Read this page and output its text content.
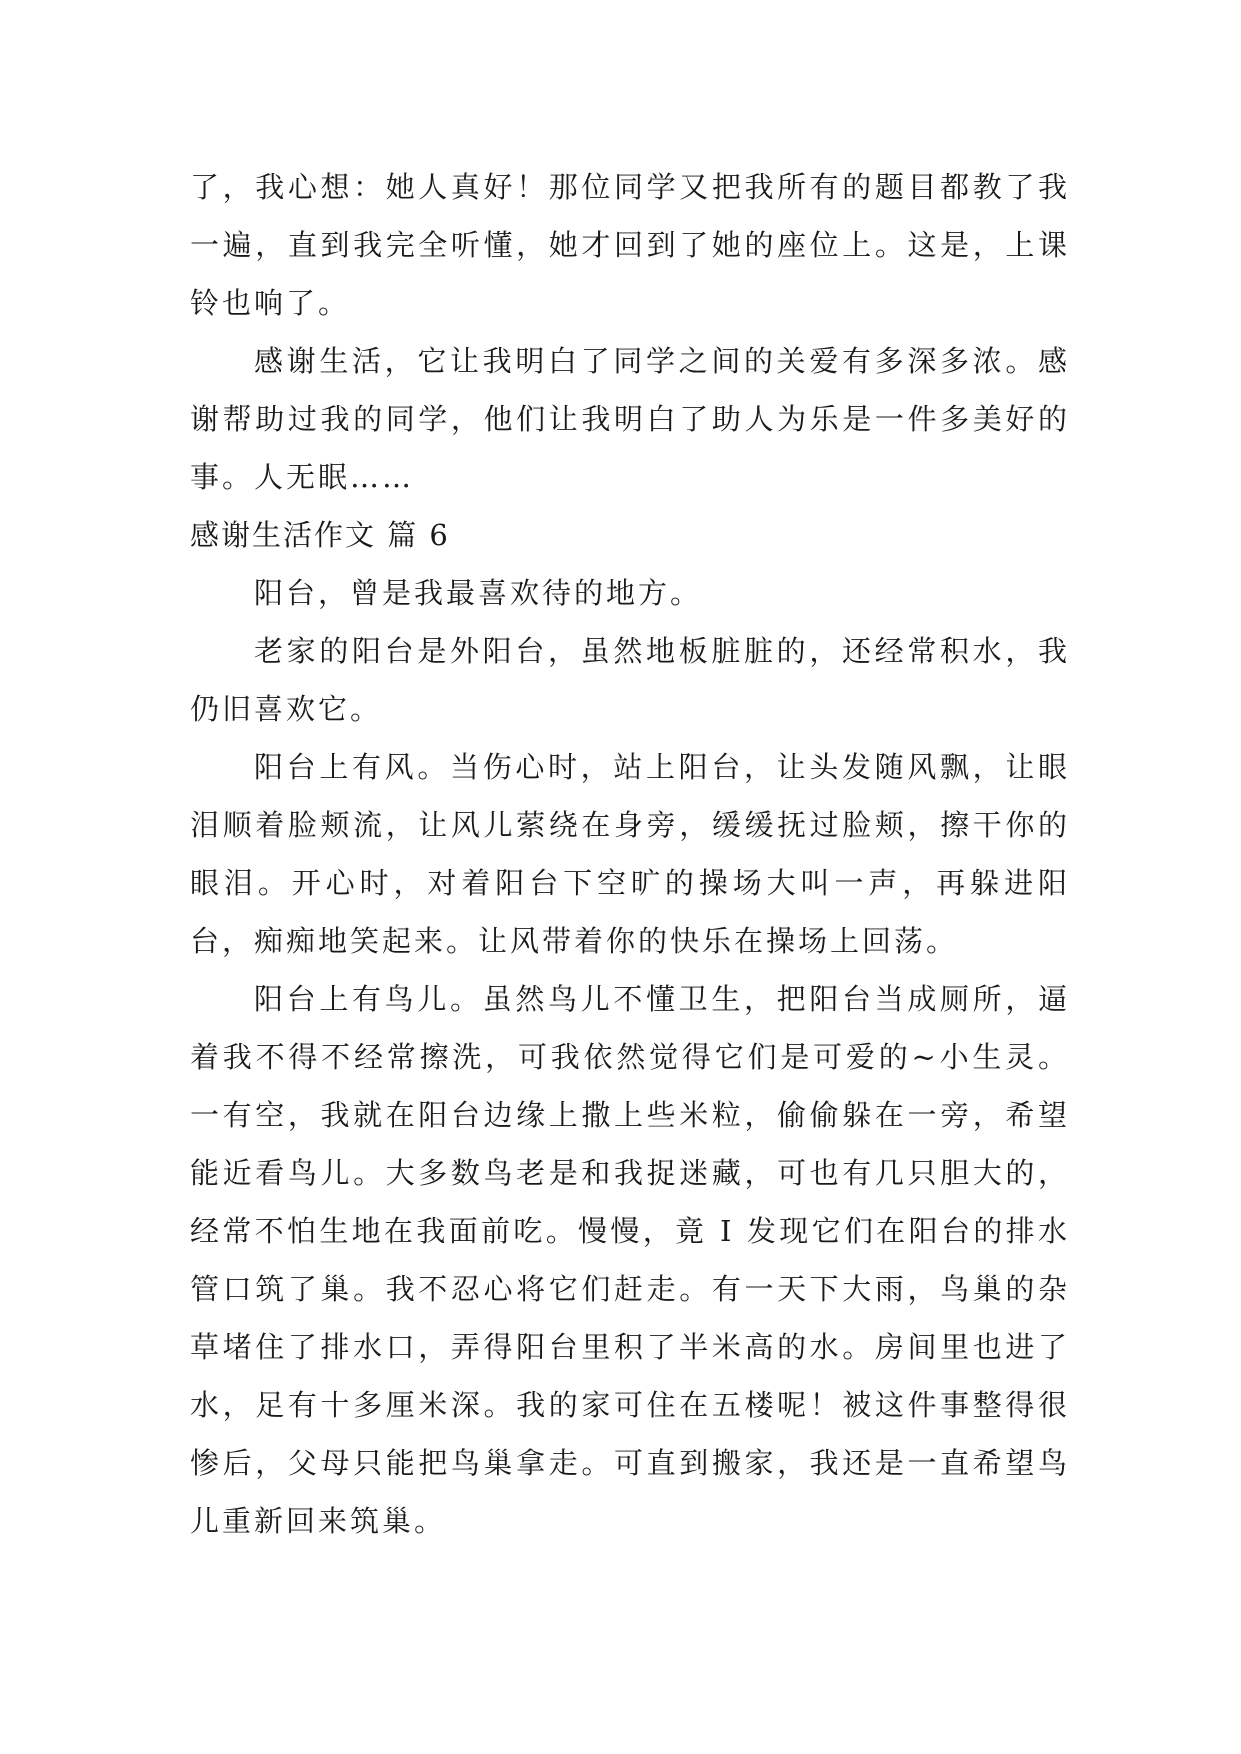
了，我心想：她人真好！那位同学又把我所有的题目都教了我一遍，直到我完全听懂，她才回到了她的座位上。这是，上课铃也响了。

感谢生活，它让我明白了同学之间的关爱有多深多浓。感谢帮助过我的同学，他们让我明白了助人为乐是一件多美好的事。人无眠……

感谢生活作文 篇 6

阳台，曾是我最喜欢待的地方。

老家的阳台是外阳台，虽然地板脏脏的，还经常积水，我仍旧喜欢它。

阳台上有风。当伤心时，站上阳台，让头发随风飘，让眼泪顺着脸颊流，让风儿萦绕在身旁，缓缓抚过脸颊，擦干你的眼泪。开心时，对着阳台下空旷的操场大叫一声，再躲进阳台，痴痴地笑起来。让风带着你的快乐在操场上回荡。

阳台上有鸟儿。虽然鸟儿不懂卫生，把阳台当成厕所，逼着我不得不经常擦洗，可我依然觉得它们是可爱的~小生灵。一有空，我就在阳台边缘上撒上些米粒，偷偷躲在一旁，希望能近看鸟儿。大多数鸟老是和我捉迷藏，可也有几只胆大的，经常不怕生地在我面前吃。慢慢，竟 I 发现它们在阳台的排水管口筑了巢。我不忍心将它们赶走。有一天下大雨，鸟巢的杂草堵住了排水口，弄得阳台里积了半米高的水。房间里也进了水，足有十多厘米深。我的家可住在五楼呢！被这件事整得很惨后，父母只能把鸟巢拿走。可直到搬家，我还是一直希望鸟儿重新回来筑巢。
